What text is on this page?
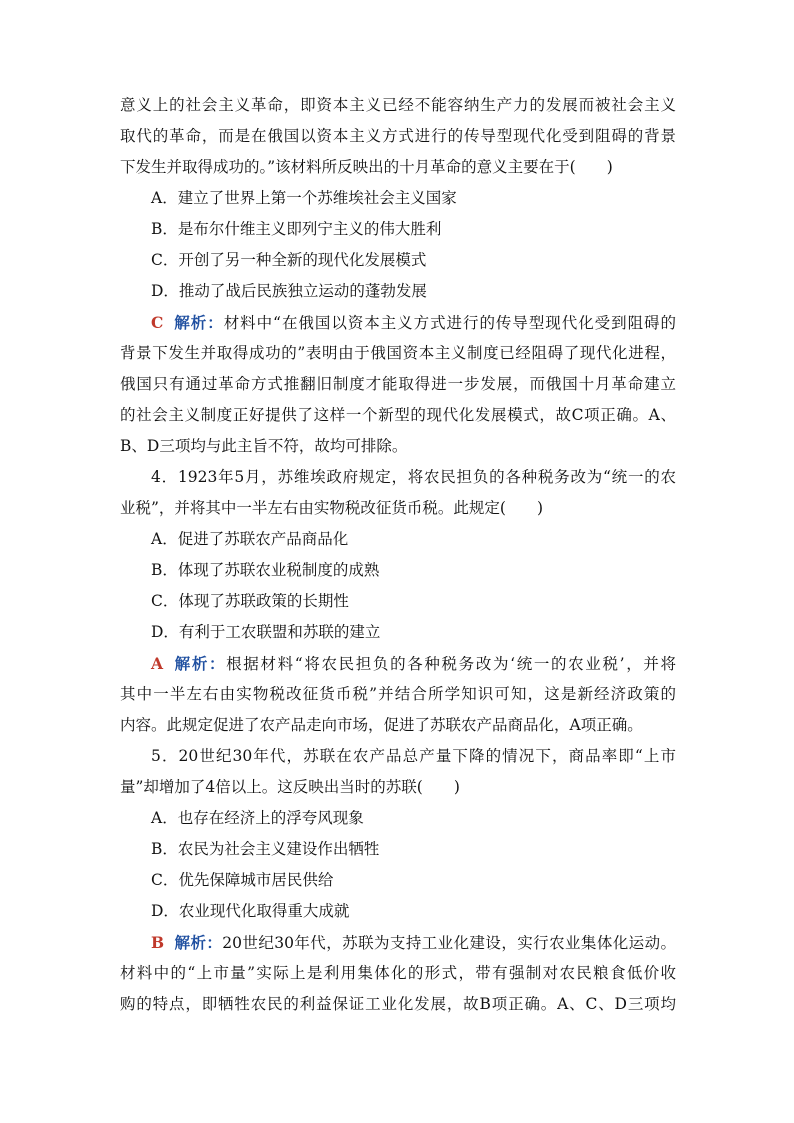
意义上的社会主义革命，即资本主义已经不能容纳生产力的发展而被社会主义
取代的革命，而是在俄国以资本主义方式进行的传导型现代化受到阻碍的背景
下发生并取得成功的。”该材料所反映出的十月革命的意义主要在于(　　)
A．建立了世界上第一个苏维埃社会主义国家
B．是布尔什维主义即列宁主义的伟大胜利
C．开创了另一种全新的现代化发展模式
D．推动了战后民族独立运动的蓬勃发展
C 解析：材料中“在俄国以资本主义方式进行的传导型现代化受到阻碍的
背景下发生并取得成功的”表明由于俄国资本主义制度已经阻碍了现代化进程，
俄国只有通过革命方式推翻旧制度才能取得进一步发展，而俄国十月革命建立
的社会主义制度正好提供了这样一个新型的现代化发展模式，故C项正确。A、
B、D三项均与此主旨不符，故均可排除。
4．1923年5月，苏维埃政府规定，将农民担负的各种税务改为“统一的农
业税”，并将其中一半左右由实物税改征货币税。此规定(　　)
A．促进了苏联农产品商品化
B．体现了苏联农业税制度的成熟
C．体现了苏联政策的长期性
D．有利于工农联盟和苏联的建立
A 解析：根据材料“将农民担负的各种税务改为‘统一的农业税’，并将
其中一半左右由实物税改征货币税”并结合所学知识可知，这是新经济政策的
内容。此规定促进了农产品走向市场，促进了苏联农产品商品化，A项正确。
5．20世纪30年代，苏联在农产品总产量下降的情况下，商品率即“上市
量”却增加了4倍以上。这反映出当时的苏联(　　)
A．也存在经济上的浮夸风现象
B．农民为社会主义建设作出牺牲
C．优先保障城市居民供给
D．农业现代化取得重大成就
B 解析：20世纪30年代，苏联为支持工业化建设，实行农业集体化运动。
材料中的“上市量”实际上是利用集体化的形式，带有强制对农民粮食低价收
购的特点，即牺牲农民的利益保证工业化发展，故B项正确。A、C、D三项均
